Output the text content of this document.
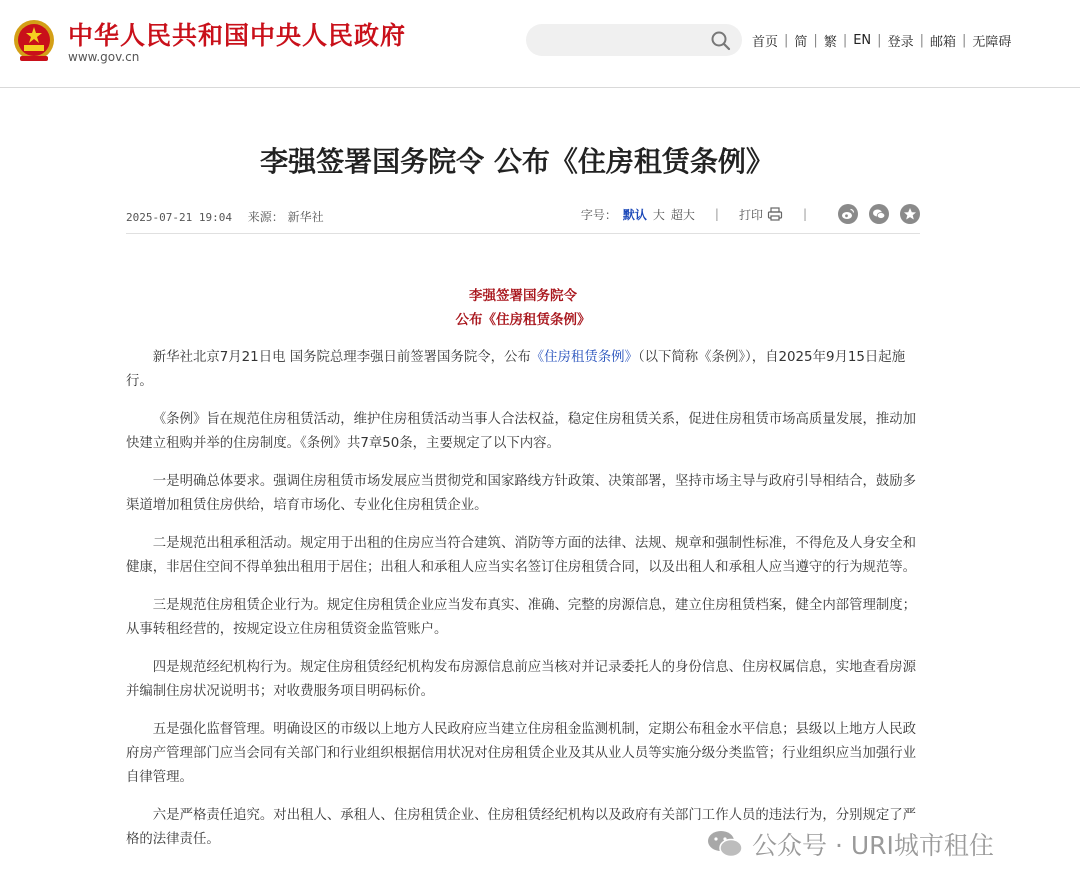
中华人民共和国中央人民政府
www.gov.cn
首页 | 简 | 繁 | EN | 登录 | 邮箱 | 无障碍
李强签署国务院令 公布《住房租赁条例》
2025-07-21 19:04 来源： 新华社	字号： 默认 大 超大 | 打印	|
李强签署国务院令
公布《住房租赁条例》

新华社北京7月21日电 国务院总理李强日前签署国务院令，公布《住房租赁条例》（以下简称《条例》），自2025年9月15日起施行。

《条例》旨在规范住房租赁活动，维护住房租赁活动当事人合法权益，稳定住房租赁关系，促进住房租赁市场高质量发展，推动加快建立租购并举的住房制度。《条例》共7章50条，主要规定了以下内容。

一是明确总体要求。强调住房租赁市场发展应当贯彻党和国家路线方针政策、决策部署，坚持市场主导与政府引导相结合，鼓励多渠道增加租赁住房供给，培育市场化、专业化住房租赁企业。

二是规范出租承租活动。规定用于出租的住房应当符合建筑、消防等方面的法律、法规、规章和强制性标准，不得危及人身安全和健康，非居住空间不得单独出租用于居住；出租人和承租人应当实名签订住房租赁合同，以及出租人和承租人应当遵守的行为规范等。

三是规范住房租赁企业行为。规定住房租赁企业应当发布真实、准确、完整的房源信息，建立住房租赁档案，健全内部管理制度；从事转租经营的，按规定设立住房租赁资金监管账户。

四是规范经纪机构行为。规定住房租赁经纪机构发布房源信息前应当核对并记录委托人的身份信息、住房权属信息，实地查看房源并编制住房状况说明书；对收费服务项目明码标价。

五是强化监督管理。明确设区的市级以上地方人民政府应当建立住房租金监测机制，定期公布租金水平信息；县级以上地方人民政府房产管理部门应当会同有关部门和行业组织根据信用状况对住房租赁企业及其从业人员等实施分级分类监管；行业组织应当加强行业自律管理。

六是严格责任追究。对出租人、承租人、住房租赁企业、住房租赁经纪机构以及政府有关部门工作人员的违法行为，分别规定了严格的法律责任。	公众号 · URI城市租住
